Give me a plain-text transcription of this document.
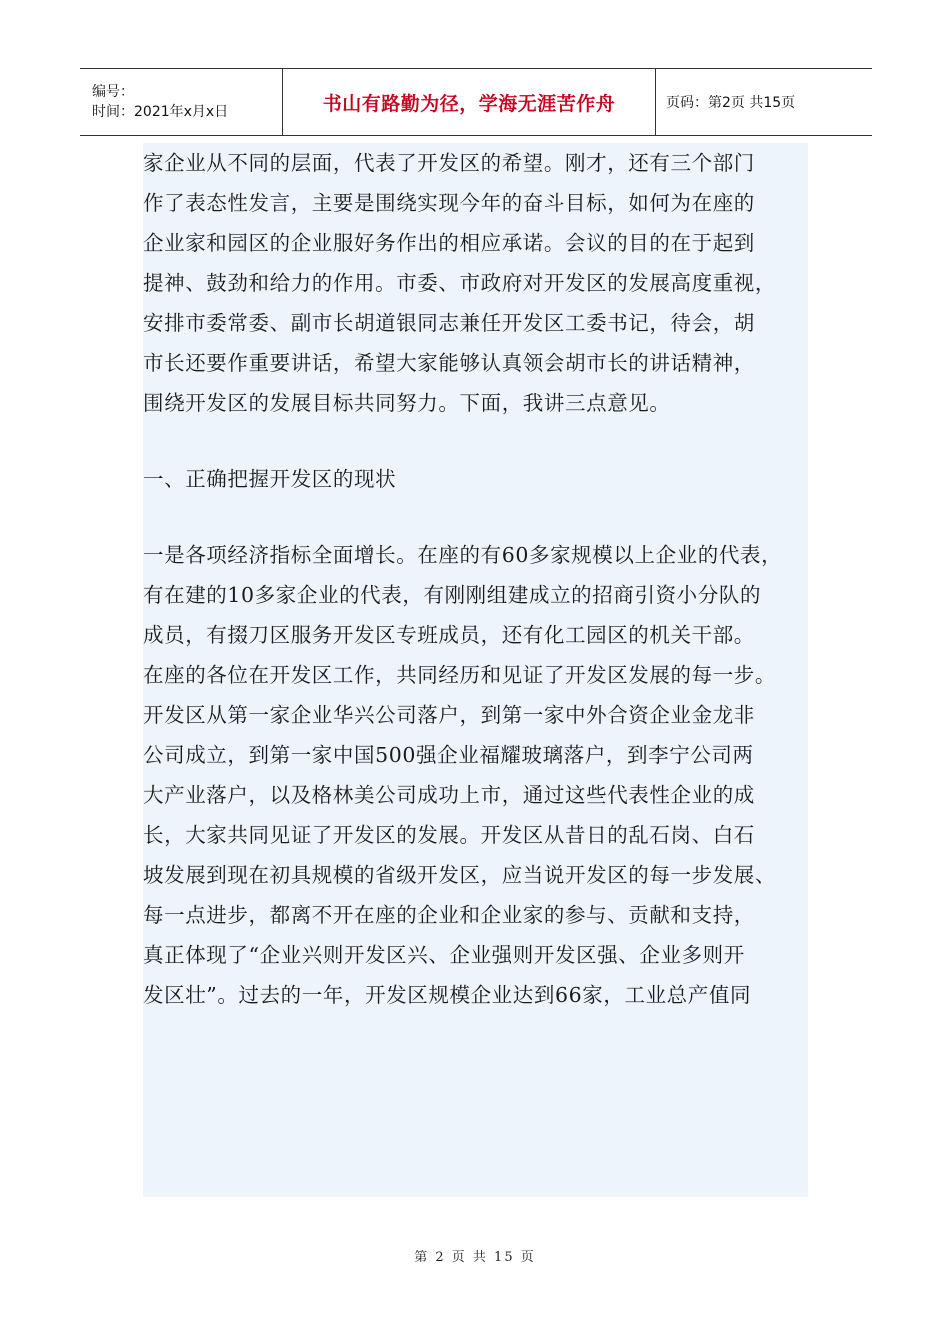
编号：
时间：2021年x月x日	书山有路勤为径，学海无涯苦作舟	页码：第2页 共15页
家企业从不同的层面，代表了开发区的希望。刚才，还有三个部门
作了表态性发言，主要是围绕实现今年的奋斗目标，如何为在座的
企业家和园区的企业服好务作出的相应承诺。会议的目的在于起到
提神、鼓劲和给力的作用。市委、市政府对开发区的发展高度重视，
安排市委常委、副市长胡道银同志兼任开发区工委书记，待会，胡
市长还要作重要讲话，希望大家能够认真领会胡市长的讲话精神，
围绕开发区的发展目标共同努力。下面，我讲三点意见。
一、正确把握开发区的现状
一是各项经济指标全面增长。在座的有60多家规模以上企业的代表，
有在建的10多家企业的代表，有刚刚组建成立的招商引资小分队的
成员，有掇刀区服务开发区专班成员，还有化工园区的机关干部。
在座的各位在开发区工作，共同经历和见证了开发区发展的每一步。
开发区从第一家企业华兴公司落户，到第一家中外合资企业金龙非
公司成立，到第一家中国500强企业福耀玻璃落户，到李宁公司两
大产业落户，以及格林美公司成功上市，通过这些代表性企业的成
长，大家共同见证了开发区的发展。开发区从昔日的乱石岗、白石
坡发展到现在初具规模的省级开发区，应当说开发区的每一步发展、
每一点进步，都离不开在座的企业和企业家的参与、贡献和支持，
真正体现了“企业兴则开发区兴、企业强则开发区强、企业多则开
发区壮”。过去的一年，开发区规模企业达到66家，工业总产值同
第 2 页 共 15 页
